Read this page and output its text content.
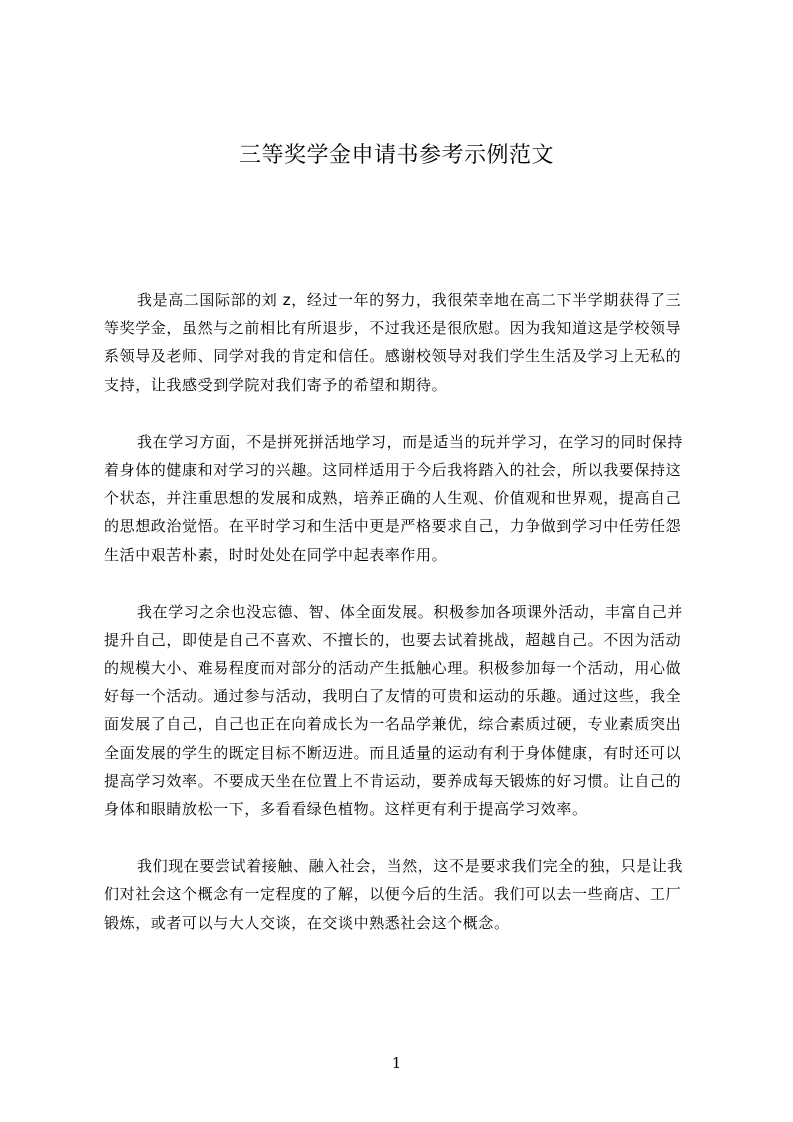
三等奖学金申请书参考示例范文
我是高二国际部的刘 z，经过一年的努力，我很荣幸地在高二下半学期获得了三
等奖学金，虽然与之前相比有所退步，不过我还是很欣慰。因为我知道这是学校领导
系领导及老师、同学对我的肯定和信任。感谢校领导对我们学生生活及学习上无私的
支持，让我感受到学院对我们寄予的希望和期待。
我在学习方面，不是拼死拼活地学习，而是适当的玩并学习，在学习的同时保持
着身体的健康和对学习的兴趣。这同样适用于今后我将踏入的社会，所以我要保持这
个状态，并注重思想的发展和成熟，培养正确的人生观、价值观和世界观，提高自己
的思想政治觉悟。在平时学习和生活中更是严格要求自己，力争做到学习中任劳任怨
生活中艰苦朴素，时时处处在同学中起表率作用。
我在学习之余也没忘德、智、体全面发展。积极参加各项课外活动，丰富自己并
提升自己，即使是自己不喜欢、不擅长的，也要去试着挑战，超越自己。不因为活动
的规模大小、难易程度而对部分的活动产生抵触心理。积极参加每一个活动，用心做
好每一个活动。通过参与活动，我明白了友情的可贵和运动的乐趣。通过这些，我全
面发展了自己，自己也正在向着成长为一名品学兼优，综合素质过硬，专业素质突出
全面发展的学生的既定目标不断迈进。而且适量的运动有利于身体健康，有时还可以
提高学习效率。不要成天坐在位置上不肯运动，要养成每天锻炼的好习惯。让自己的
身体和眼睛放松一下，多看看绿色植物。这样更有利于提高学习效率。
我们现在要尝试着接触、融入社会，当然，这不是要求我们完全的独，只是让我
们对社会这个概念有一定程度的了解，以便今后的生活。我们可以去一些商店、工厂
锻炼，或者可以与大人交谈，在交谈中熟悉社会这个概念。
1
